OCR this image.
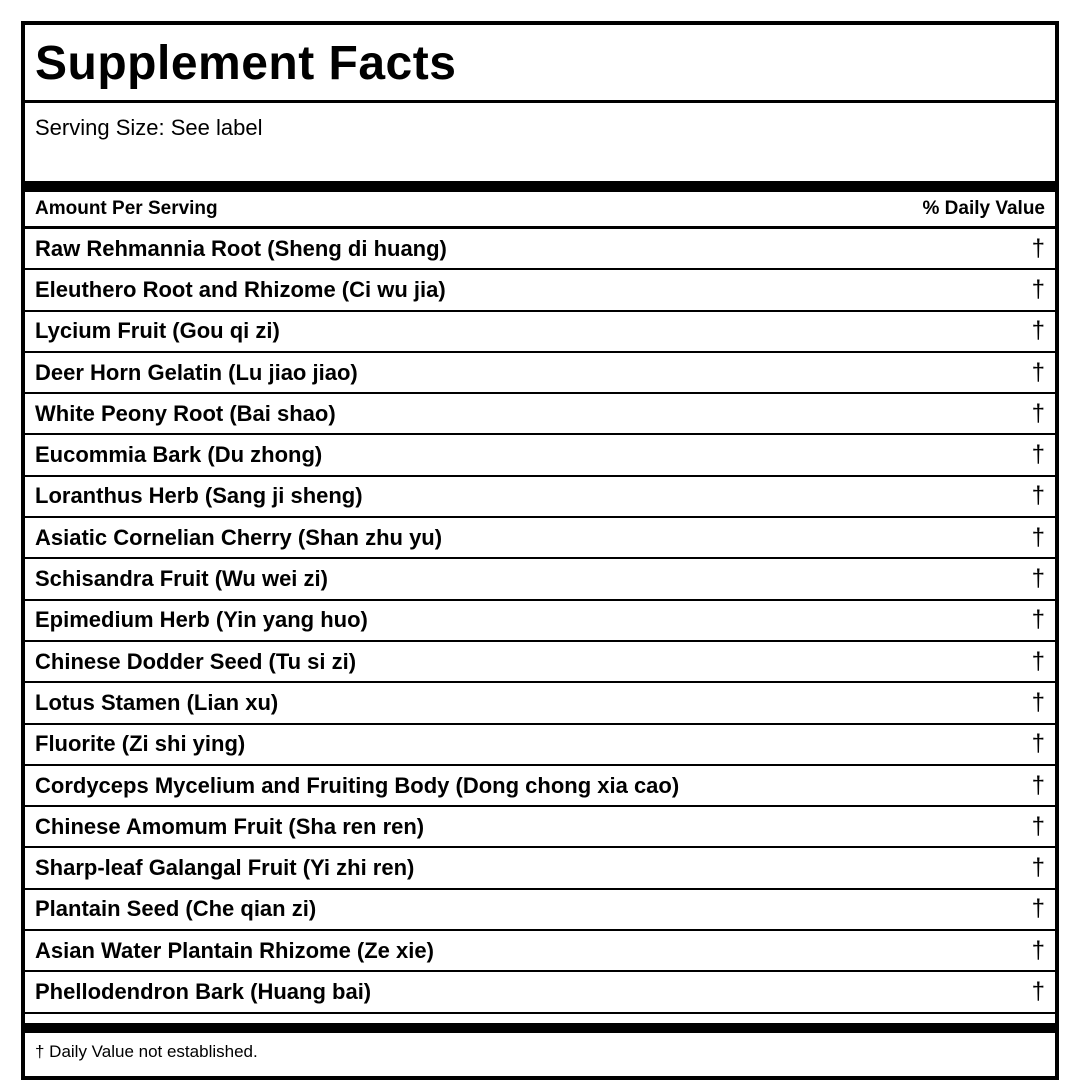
Supplement Facts
Serving Size: See label
Amount Per Serving	% Daily Value
Raw Rehmannia Root (Sheng di huang)	†
Eleuthero Root and Rhizome (Ci wu jia)	†
Lycium Fruit (Gou qi zi)	†
Deer Horn Gelatin (Lu jiao jiao)	†
White Peony Root (Bai shao)	†
Eucommia Bark (Du zhong)	†
Loranthus Herb (Sang ji sheng)	†
Asiatic Cornelian Cherry (Shan zhu yu)	†
Schisandra Fruit (Wu wei zi)	†
Epimedium Herb (Yin yang huo)	†
Chinese Dodder Seed (Tu si zi)	†
Lotus Stamen (Lian xu)	†
Fluorite (Zi shi ying)	†
Cordyceps Mycelium and Fruiting Body (Dong chong xia cao)	†
Chinese Amomum Fruit (Sha ren ren)	†
Sharp-leaf Galangal Fruit (Yi zhi ren)	†
Plantain Seed (Che qian zi)	†
Asian Water Plantain Rhizome (Ze xie)	†
Phellodendron Bark (Huang bai)	†
† Daily Value not established.
